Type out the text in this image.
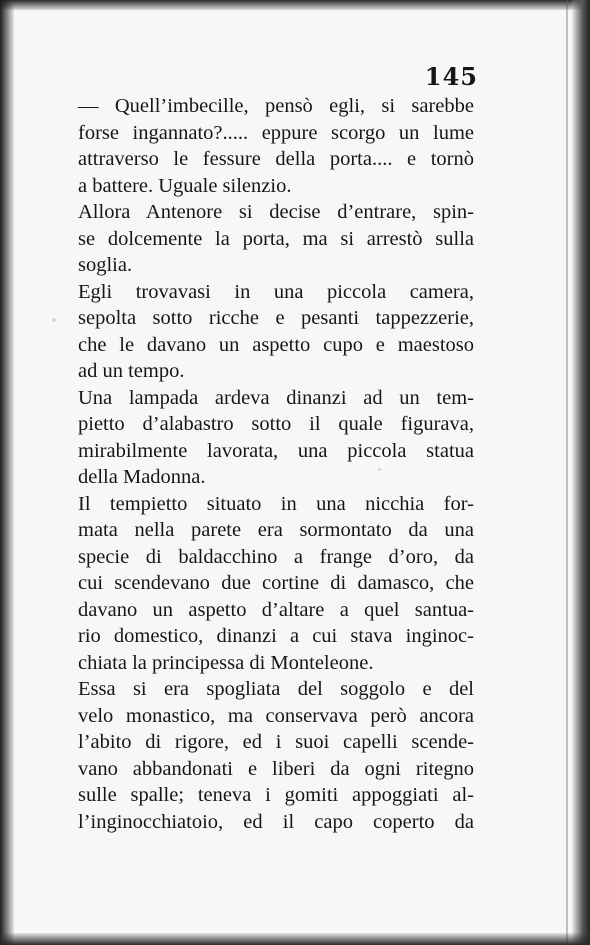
145
— Quell’imbecille, pensò egli, si sarebbe
forse ingannato?..... eppure scorgo un lume
attraverso le fessure della porta.... e tornò
a battere. Uguale silenzio.
Allora Antenore si decise d’entrare, spin-
se dolcemente la porta, ma si arrestò sulla
soglia.
Egli trovavasi in una piccola camera,
sepolta sotto ricche e pesanti tappezzerie,
che le davano un aspetto cupo e maestoso
ad un tempo.
Una lampada ardeva dinanzi ad un tem-
pietto d’alabastro sotto il quale figurava,
mirabilmente lavorata, una piccola statua
della Madonna.
Il tempietto situato in una nicchia for-
mata nella parete era sormontato da una
specie di baldacchino a frange d’oro, da
cui scendevano due cortine di damasco, che
davano un aspetto d’altare a quel santua-
rio domestico, dinanzi a cui stava inginoc-
chiata la principessa di Monteleone.
Essa si era spogliata del soggolo e del
velo monastico, ma conservava però ancora
l’abito di rigore, ed i suoi capelli scende-
vano abbandonati e liberi da ogni ritegno
sulle spalle; teneva i gomiti appoggiati al-
l’inginocchiatoio, ed il capo coperto da
